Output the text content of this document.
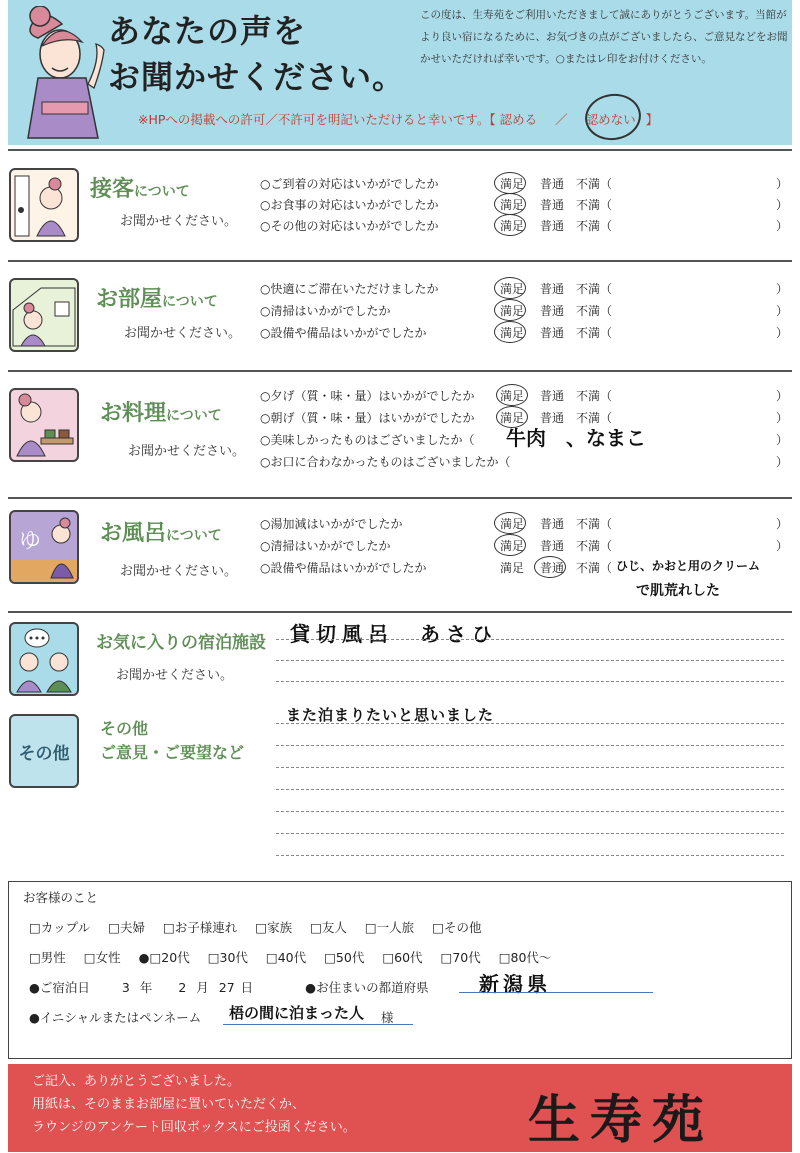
あなたの声を
お聞かせください。
この度は、生寿苑をご利用いただきまして誠にありがとうございます。当館がより良い宿になるために、お気づきの点がございましたら、ご意見などをお聞かせいただければ幸いです。○またはレ印をお付けください。
※HPへの掲載への許可／不許可を明記いただけると幸いです。【 認める ／ 認めない 】
接客について
お聞かせください。
○ご到着の対応はいかがでしたか	満足 普通 不満（	）
○お食事の対応はいかがでしたか	満足 普通 不満（	）
○その他の対応はいかがでしたか	満足 普通 不満（	）
お部屋について
お聞かせください。
○快適にご滞在いただけましたか	満足 普通 不満（	）
○清掃はいかがでしたか	満足 普通 不満（	）
○設備や備品はいかがでしたか	満足 普通 不満（	）
お料理について
お聞かせください。
○夕げ（質・味・量）はいかがでしたか 満足 普通 不満（	）
○朝げ（質・味・量）はいかがでしたか 満足 普通 不満（	）
○美味しかったものはございましたか（ 牛肉　、なまこ	）
○お口に合わなかったものはございましたか（	）
ゆ	お風呂について
お聞かせください。
○湯加減はいかがでしたか	満足 普通 不満（	）
○清掃はいかがでしたか	満足 普通 不満（	）
○設備や備品はいかがでしたか	満足 普通 不満（ ひじ、かおと用のクリーム
で肌荒れした
お気に入りの宿泊施設
お聞かせください。
貸切風呂　あさひ
その他
その他
ご意見・ご要望など
また泊まりたいと思いました
お客様のこと
□カップル □夫婦 □お子様連れ □家族 □友人 □一人旅 □その他
□男性 □女性 ●□20代 □30代 □40代 □50代 □60代 □70代 □80代〜
●ご宿泊日	3 年 2 月 27 日	●お住まいの都道府県	新潟県
●イニシャルまたはペンネーム 梧の間に泊まった人 様
ご記入、ありがとうございました。
用紙は、そのままお部屋に置いていただくか、
ラウンジのアンケート回収ボックスにご投函ください。	生寿苑
